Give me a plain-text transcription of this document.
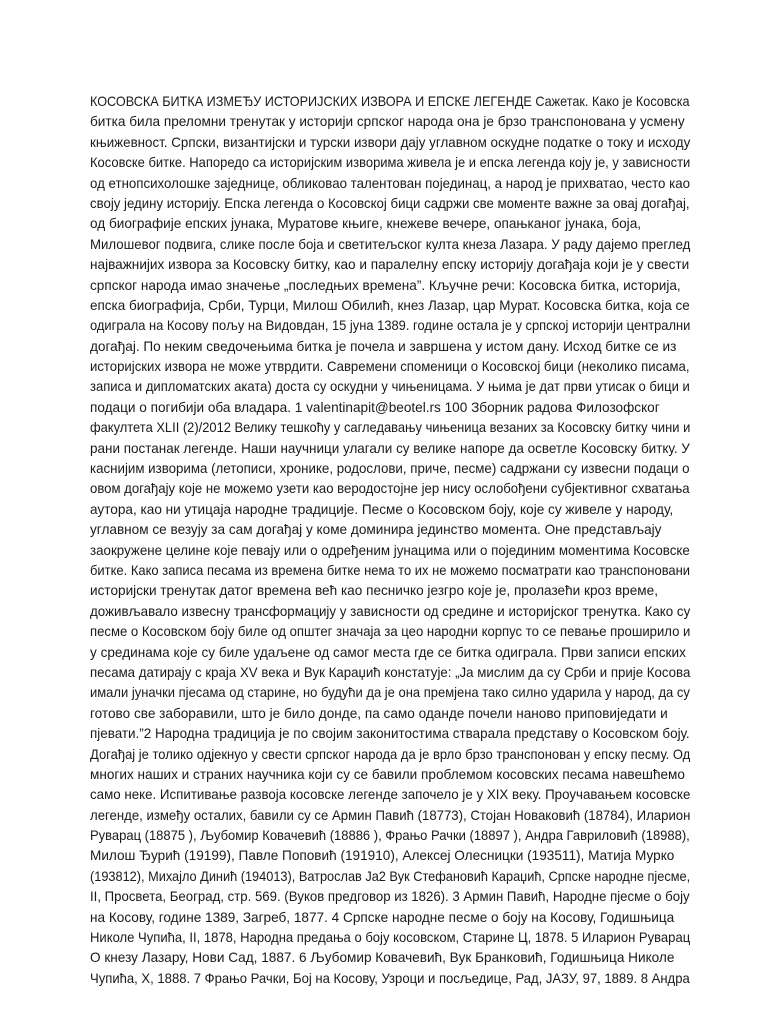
КОСОВСКА БИТКА ИЗМЕЂУ ИСТОРИЈСКИХ ИЗВОРА И ЕПСКЕ ЛЕГЕНДЕ Сажетак. Како је Косовска
битка била преломни тренутак у историји српског народа она је брзо транспонована у усмену
књижевност. Српски, византијски и турски извори дају углавном оскудне податке о току и исходу
Косовске битке. Напоредо са историјским изворима живела је и епска легенда коју је, у зависности
од етнопсихолошке заједнице, обликовао талентован појединац, а народ је прихватао, често као
своју једину историју. Епска легенда о Косовској бици садржи све моменте важне за овај догађај,
од биографије епских јунака, Муратове књиге, кнежеве вечере, опањканог јунака, боја,
Милошевог подвига, слике после боја и светитељског култа кнеза Лазара. У раду дајемо преглед
најважнијих извора за Косовску битку, као и паралелну епску историју догађаја који је у свести
српског народа имао значење „последњих времена”. Кључне речи: Косовска битка, историја,
епска биографија, Срби, Турци, Милош Обилић, кнез Лазар, цар Мурат. Косовска битка, која се
одиграла на Косову пољу на Видовдан, 15 јуна 1389. године остала је у српској историји централни
догађај. По неким сведочењима битка је почела и завршена у истом дану. Исход битке се из
историјских извора не може утврдити. Савремени споменици о Косовској бици (неколико писама,
записа и дипломатских аката) доста су оскудни у чињеницама. У њима је дат први утисак о бици и
подаци о погибији оба владара. 1 valentinapit@beotel.rs 100 Зборник радова Филозофског
факултета XLII (2)/2012 Велику тешкоћу у сагледавању чињеница везаних за Косовску битку чини и
рани постанак легенде. Наши научници улагали су велике напоре да осветле Косовску битку. У
каснијим изворима (летописи, хронике, родослови, приче, песме) садржани су извесни подаци о
овом догађају које не можемо узети као веродостојне јер нису ослобођени субјективног схватања
аутора, као ни утицаја народне традиције. Песме о Косовском боју, које су живеле у народу,
углавном се везују за сам догађај у коме доминира јединство момента. Оне представљају
заокружене целине које певају или о одређеним јунацима или о појединим моментима Косовске
битке. Како записа песама из времена битке нема то их не можемо посматрати као транспоновани
историјски тренутак датог времена већ као песничко језгро које је, пролазећи кроз време,
доживљавало извесну трансформацију у зависности од средине и историјског тренутка. Како су
песме о Косовском боју биле од општег значаја за цео народни корпус то се певање проширило и
у срединама које су биле удаљене од самог места где се битка одиграла. Први записи епских
песама датирају с краја XV века и Вук Караџић констатује: „Ја мислим да су Срби и прије Косова
имали јуначки пјесама од старине, но будући да је она премјена тако силно ударила у народ, да су
готово све заборавили, што је било донде, па само оданде почели наново приповиједати и
пјевати.”2 Народна традиција је по својим законитостима стварала представу о Косовском боју.
Догађај је толико одјекнуо у свести српског народа да је врло брзо транспонован у епску песму. Од
многих наших и страних научника који су се бавили проблемом косовских песама навешћемо
само неке. Испитивање развоја косовске легенде започело је у XIX веку. Проучавањем косовске
легенде, између осталих, бавили су се Армин Павић (18773), Стојан Новаковић (18784), Иларион
Руварац (18875 ), Љубомир Ковачевић (18886 ), Фрањо Рачки (18897 ), Андра Гавриловић (18988),
Милош Ђурић (19199), Павле Поповић (191910), Алексеј Олесницки (193511), Матија Мурко
(193812), Михајло Динић (194013), Ватрослав Ја2 Вук Стефановић Караџић, Српске народне пјесме,
II, Просвета, Београд, стр. 569. (Вуков предговор из 1826). 3 Армин Павић, Народне пјесме о боју
на Косову, године 1389, Загреб, 1877. 4 Српске народне песме о боју на Косову, Годишњица
Николе Чупића, II, 1878, Народна предања о боју косовском, Старине Ц, 1878. 5 Иларион Руварац
О кнезу Лазару, Нови Сад, 1887. 6 Љубомир Ковачевић, Вук Бранковић, Годишњица Николе
Чупића, X, 1888. 7 Фрањо Рачки, Бој на Косову, Узроци и посљедице, Рад, ЈАЗУ, 97, 1889. 8 Андра
